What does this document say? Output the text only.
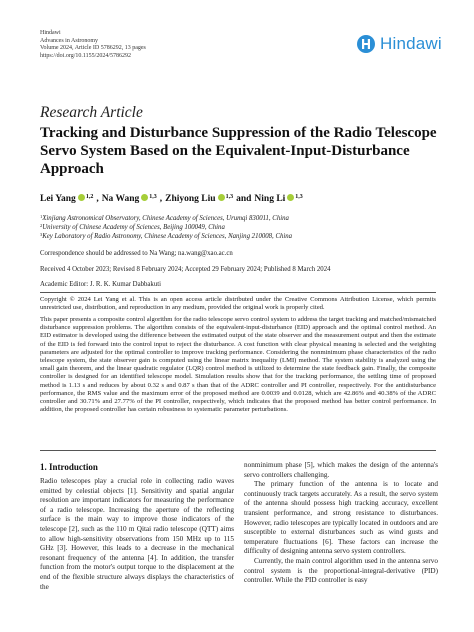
Hindawi
Advances in Astronomy
Volume 2024, Article ID 5786292, 13 pages
https://doi.org/10.1155/2024/5786292
Hindawi
Research Article
Tracking and Disturbance Suppression of the Radio Telescope Servo System Based on the Equivalent-Input-Disturbance Approach
Lei Yang $^{1,2}$ , Na Wang $^{1,3}$ , Zhiyong Liu $^{1,3}$ and Ning Li $^{1,3}$
$^1$Xinjiang Astronomical Observatory, Chinese Academy of Sciences, Urumqi 830011, China
$^2$University of Chinese Academy of Sciences, Beijing 100049, China
$^3$Key Laboratory of Radio Astronomy, Chinese Academy of Sciences, Nanjing 210008, China
Correspondence should be addressed to Na Wang; na.wang@xao.ac.cn
Received 4 October 2023; Revised 8 February 2024; Accepted 29 February 2024; Published 8 March 2024
Academic Editor: J. R. K. Kumar Dabbakuti
Copyright © 2024 Lei Yang et al. This is an open access article distributed under the Creative Commons Attribution License, which permits unrestricted use, distribution, and reproduction in any medium, provided the original work is properly cited.
This paper presents a composite control algorithm for the radio telescope servo control system to address the target tracking and matched/mismatched disturbance suppression problems. The algorithm consists of the equivalent-input-disturbance (EID) approach and the optimal control method. An EID estimator is developed using the difference between the estimated output of the state observer and the measurement output and then the estimate of the EID is fed forward into the control input to reject the disturbance. A cost function with clear physical meaning is selected and the weighting parameters are adjusted for the optimal controller to improve tracking performance. Considering the nonminimum phase characteristics of the radio telescope system, the state observer gain is computed using the linear matrix inequality (LMI) method. The system stability is analyzed using the small gain theorem, and the linear quadratic regulator (LQR) control method is utilized to determine the state feedback gain. Finally, the composite controller is designed for an identified telescope model. Simulation results show that for the tracking performance, the settling time of proposed method is 1.13 s and reduces by about 0.32 s and 0.87 s than that of the ADRC controller and PI controller, respectively. For the antidisturbance performance, the RMS value and the maximum error of the proposed method are 0.0039 and 0.0128, which are 42.86% and 40.38% of the ADRC controller and 30.71% and 27.77% of the PI controller, respectively, which indicates that the proposed method has better control performance. In addition, the proposed controller has certain robustness to systematic parameter perturbations.
1. Introduction

Radio telescopes play a crucial role in collecting radio waves emitted by celestial objects [1]. Sensitivity and spatial angular resolution are important indicators for measuring the performance of a radio telescope. Increasing the aperture of the reflecting surface is the main way to improve those indicators of the telescope [2], such as the 110 m Qitai radio telescope (QTT) aims to allow high-sensitivity observations from 150 MHz up to 115 GHz [3]. However, this leads to a decrease in the mechanical resonant frequency of the antenna [4]. In addition, the transfer function from the motor's output torque to the displacement at the end of the flexible structure always displays the characteristics of the

nonminimum phase [5], which makes the design of the antenna's servo controllers challenging.

The primary function of the antenna is to locate and continuously track targets accurately. As a result, the servo system of the antenna should possess high tracking accuracy, excellent transient performance, and strong resistance to disturbances. However, radio telescopes are typically located in outdoors and are susceptible to external disturbances such as wind gusts and temperature fluctuations [6]. These factors can increase the difficulty of designing antenna servo system controllers.

Currently, the main control algorithm used in the antenna servo control system is the proportional-integral-derivative (PID) controller. While the PID controller is easy
